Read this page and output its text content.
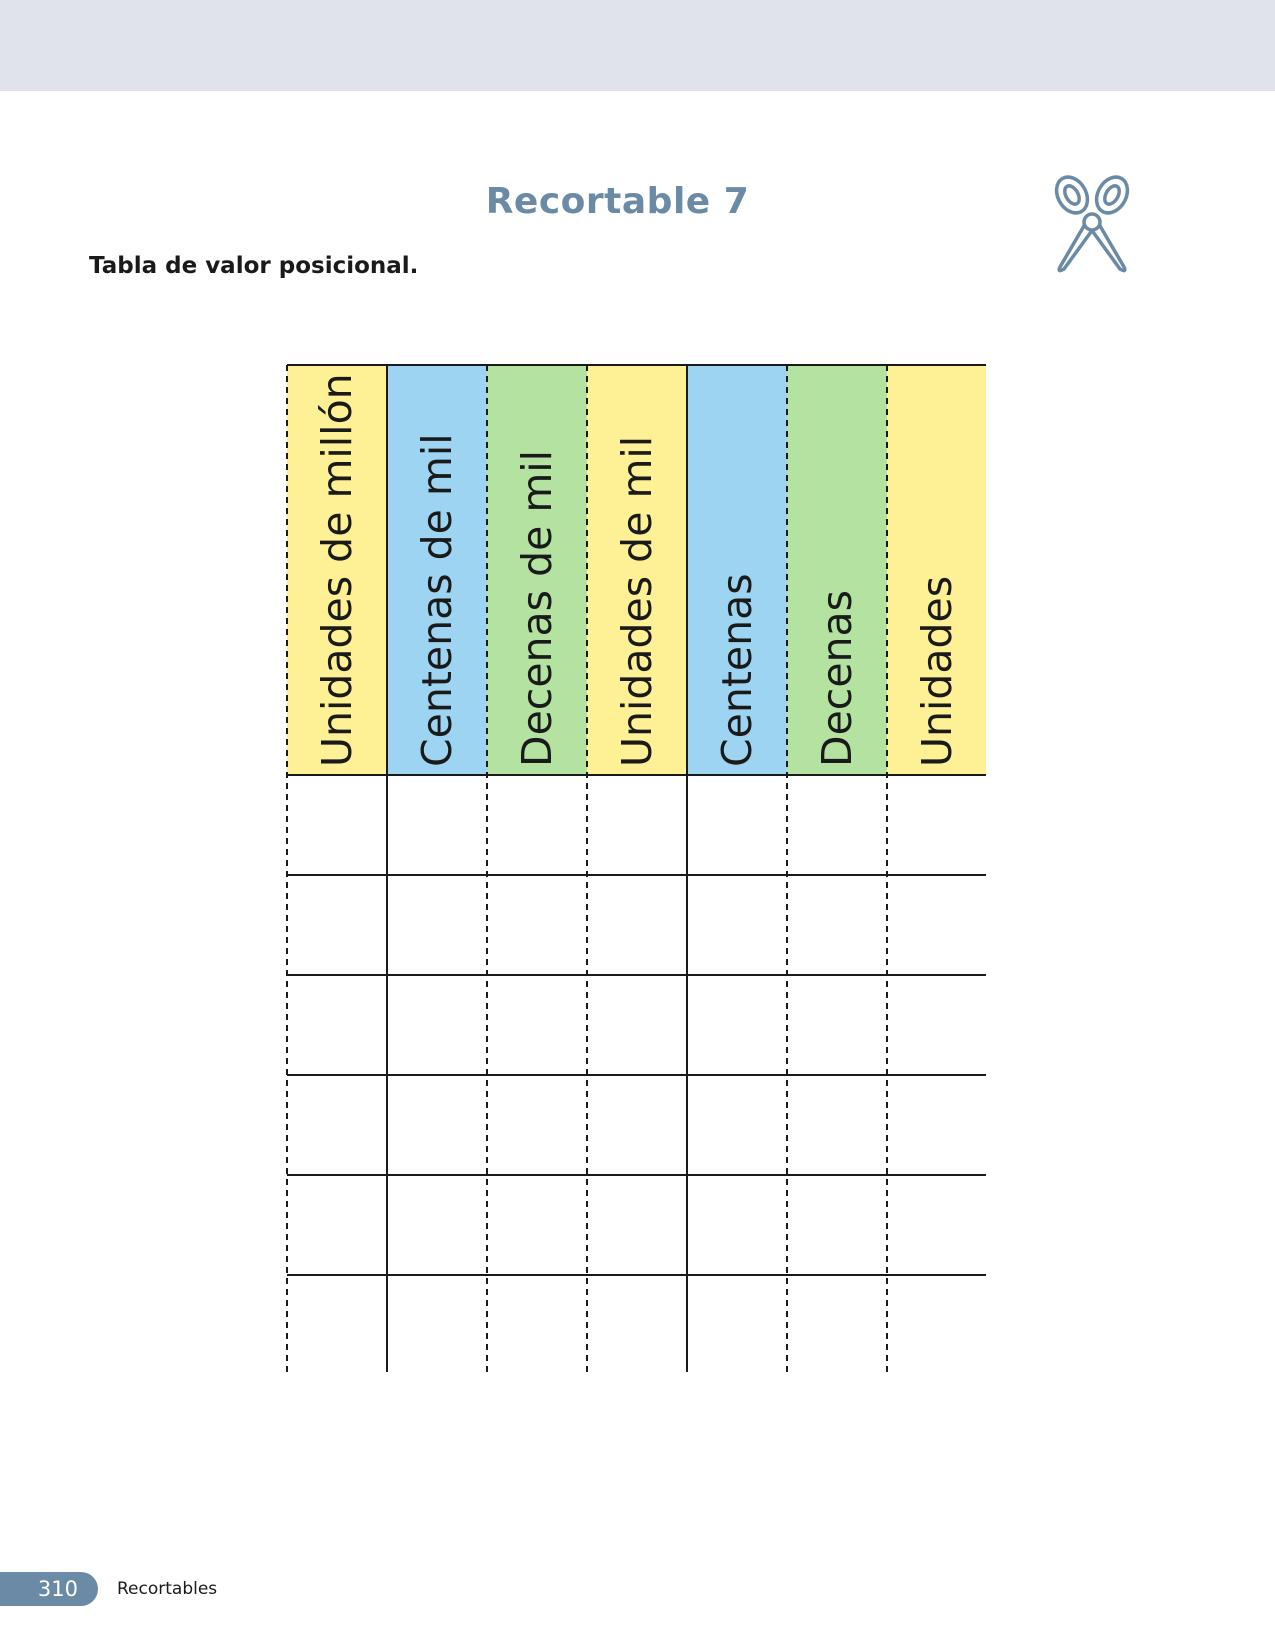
Recortable 7
Tabla de valor posicional.
Unidades de millón Centenas de mil Decenas de mil Unidades de mil Centenas Decenas Unidades
310	Recortables
